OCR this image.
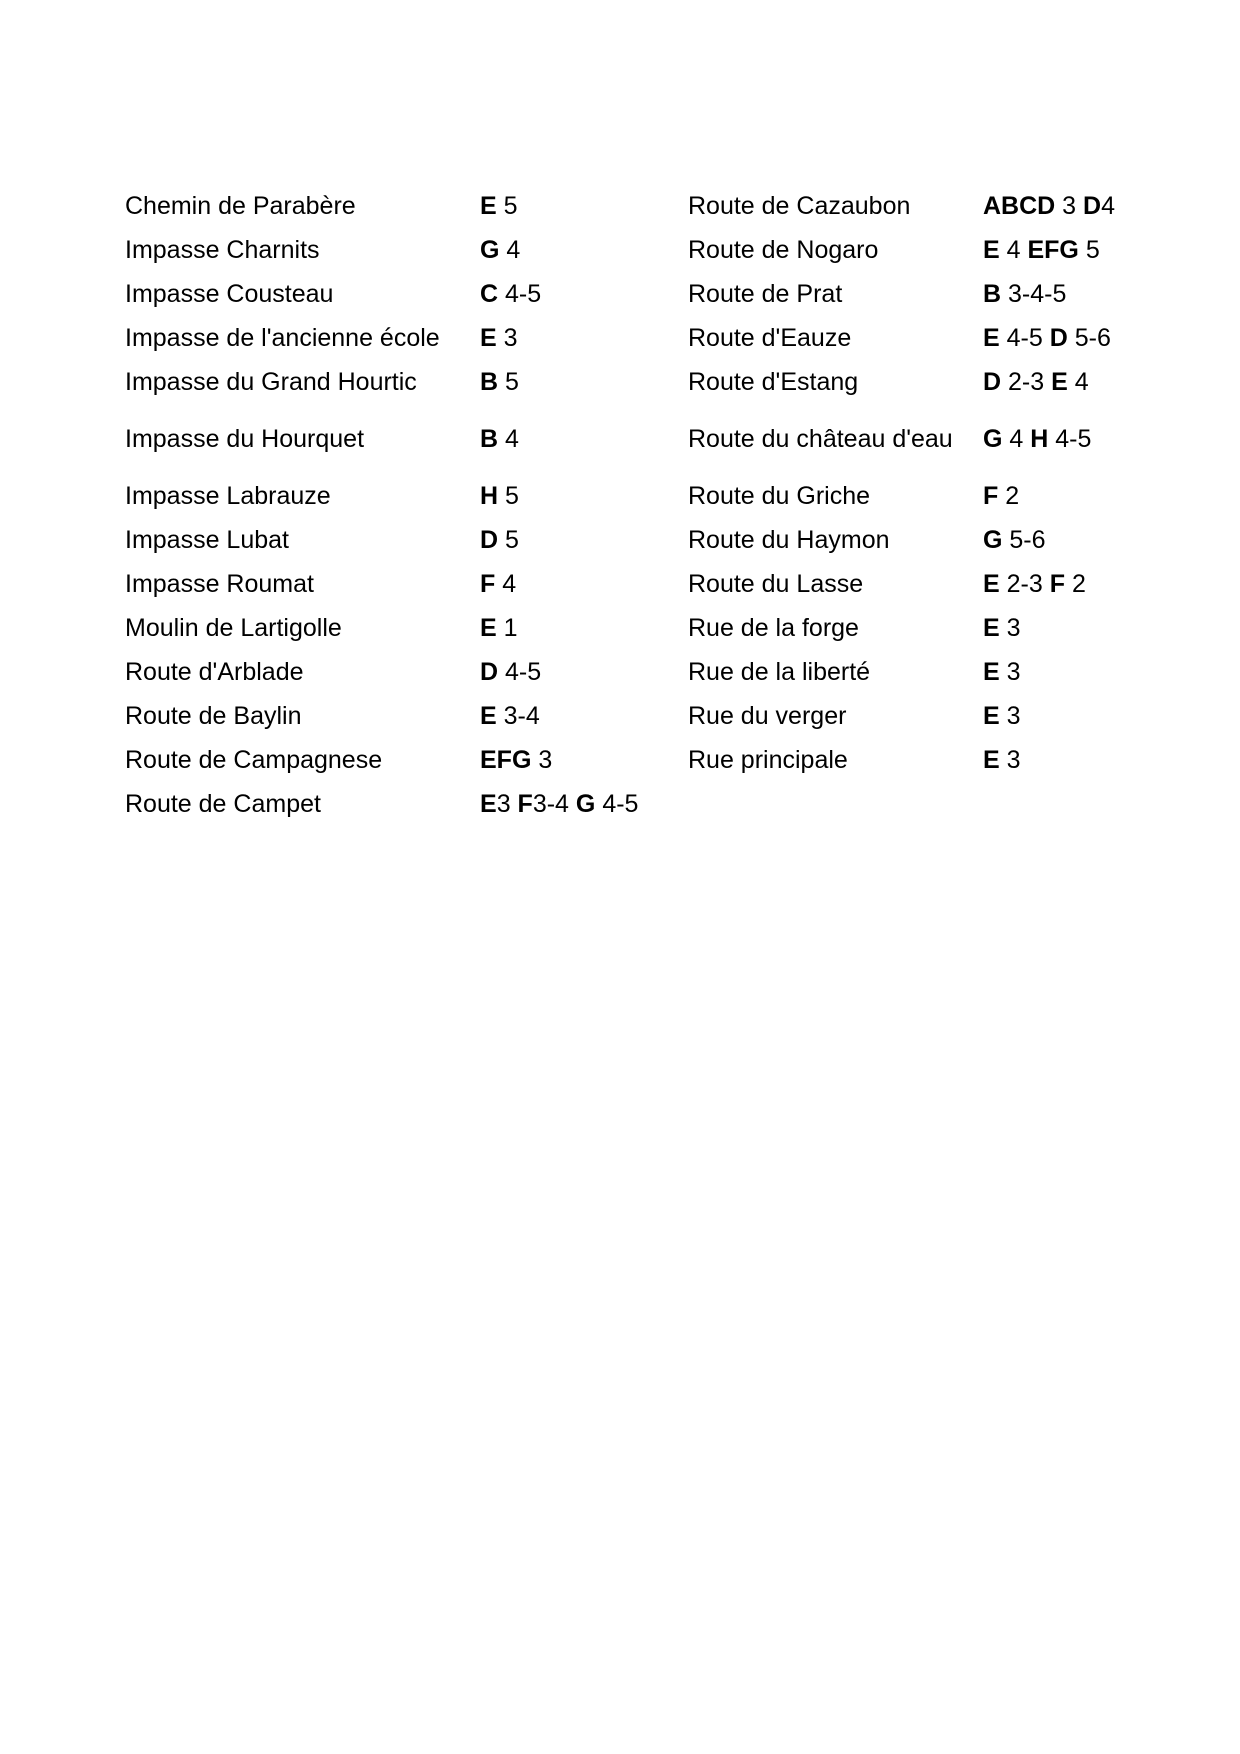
Chemin de Parabère	E 5
Impasse Charnits	G 4
Impasse Cousteau	C 4-5
Impasse de l'ancienne école	E 3
Impasse du Grand Hourtic	B 5
Impasse du Hourquet	B 4
Impasse Labrauze	H 5
Impasse Lubat	D 5
Impasse Roumat	F 4
Moulin de Lartigolle	E 1
Route d'Arblade	D 4-5
Route de Baylin	E 3-4
Route de Campagnese	EFG 3
Route de Campet	E3 F3-4 G 4-5
Route de Cazaubon	ABCD 3 D4
Route de Nogaro	E 4 EFG 5
Route de Prat	B 3-4-5
Route d'Eauze	E 4-5 D 5-6
Route d'Estang	D 2-3 E 4
Route du château d'eau	G 4 H 4-5
Route du Griche	F 2
Route du Haymon	G 5-6
Route du Lasse	E 2-3 F 2
Rue de la forge	E 3
Rue de la liberté	E 3
Rue du verger	E 3
Rue principale	E 3
